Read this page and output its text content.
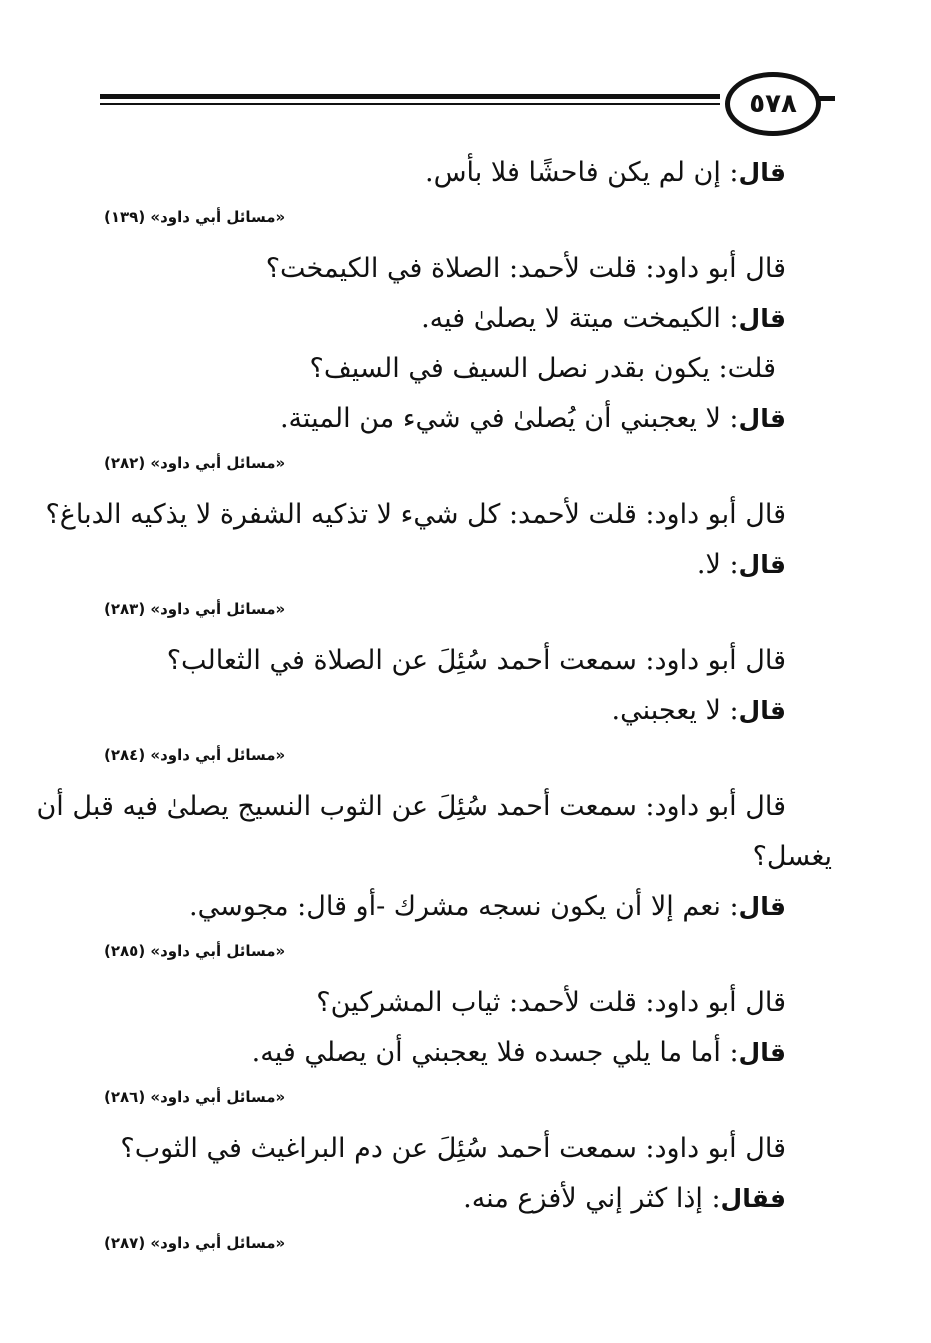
٥٧٨
قال: إن لم يكن فاحشًا فلا بأس.
«مسائل أبي داود» (١٣٩)
قال أبو داود: قلت لأحمد: الصلاة في الكيمخت؟
قال: الكيمخت ميتة لا يصلىٰ فيه.
قلت: يكون بقدر نصل السيف في السيف؟
قال: لا يعجبني أن يُصلىٰ في شيء من الميتة.
«مسائل أبي داود» (٢٨٢)
قال أبو داود: قلت لأحمد: كل شيء لا تذكيه الشفرة لا يذكيه الدباغ؟
قال: لا.
«مسائل أبي داود» (٢٨٣)
قال أبو داود: سمعت أحمد سُئِلَ عن الصلاة في الثعالب؟
قال: لا يعجبني.
«مسائل أبي داود» (٢٨٤)
قال أبو داود: سمعت أحمد سُئِلَ عن الثوب النسيج يصلىٰ فيه قبل أن
يغسل؟
قال: نعم إلا أن يكون نسجه مشرك -أو قال: مجوسي.
«مسائل أبي داود» (٢٨٥)
قال أبو داود: قلت لأحمد: ثياب المشركين؟
قال: أما ما يلي جسده فلا يعجبني أن يصلي فيه.
«مسائل أبي داود» (٢٨٦)
قال أبو داود: سمعت أحمد سُئِلَ عن دم البراغيث في الثوب؟
فقال: إذا كثر إني لأفزع منه.
«مسائل أبي داود» (٢٨٧)
